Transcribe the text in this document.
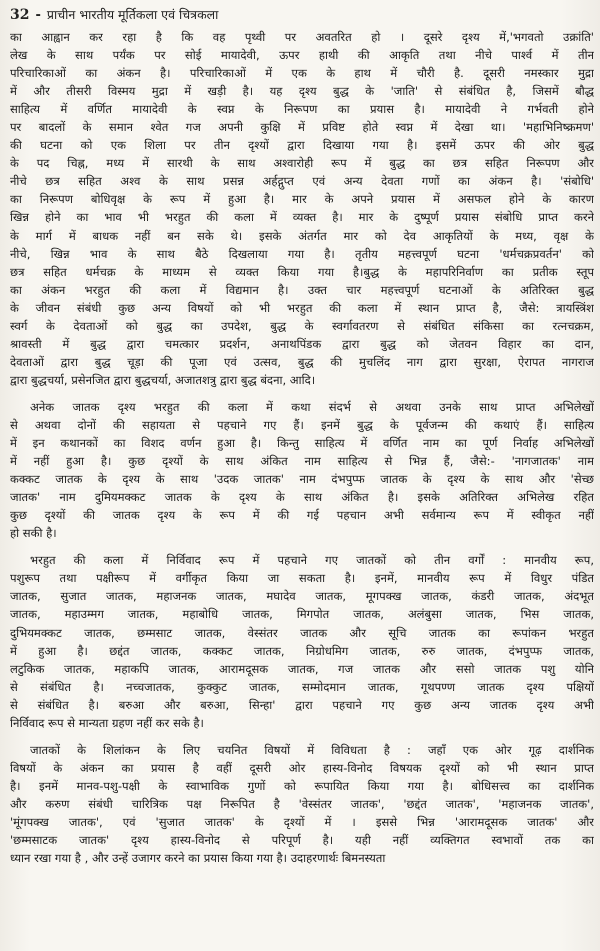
32 - प्राचीन भारतीय मूर्तिकला एवं चित्रकला
का आह्वान कर रहा है कि वह पृथ्वी पर अवतरित हो । दूसरे दृश्य में,'भगवतो उक्रांति'
लेख के साथ पर्यंक पर सोई मायादेवी, ऊपर हाथी की आकृति तथा नीचे पार्श्व में तीन
परिचारिकाओं का अंकन है। परिचारिकाओं में एक के हाथ में चौरी है. दूसरी नमस्कार मुद्रा
में और तीसरी विस्मय मुद्रा में खड़ी है। यह दृश्य बुद्ध के 'जाति' से संबंधित है, जिसमें बौद्ध
साहित्य में वर्णित मायादेवी के स्वप्न के निरूपण का प्रयास है। मायादेवी ने गर्भवती होने
पर बादलों के समान श्वेत गज अपनी कुक्षि में प्रविष्ट होते स्वप्न में देखा था। 'महाभिनिष्क्रमण'
की घटना को एक शिला पर तीन दृश्यों द्वारा दिखाया गया है। इसमें ऊपर की ओर बुद्ध
के पद चिह्न, मध्य में सारथी के साथ अश्वारोही रूप में बुद्ध का छत्र सहित निरूपण और
नीचे छत्र सहित अश्व के साथ प्रसन्न अर्हद्गुप्त एवं अन्य देवता गणों का अंकन है। 'संबोधि'
का निरूपण बोधिवृक्ष के रूप में हुआ है। मार के अपने प्रयास में असफल होने के कारण
खिन्न होने का भाव भी भरहुत की कला में व्यक्त है। मार के दुष्पूर्ण प्रयास संबोधि प्राप्त करने
के मार्ग में बाधक नहीं बन सके थे। इसके अंतर्गत मार को देव आकृतियों के मध्य, वृक्ष के
नीचे, खिन्न भाव के साथ बैठे दिखलाया गया है। तृतीय महत्त्वपूर्ण घटना 'धर्मचक्रप्रवर्तन' को
छत्र सहित धर्मचक्र के माध्यम से व्यक्त किया गया है।बुद्ध के महापरिनिर्वाण का प्रतीक स्तूप
का अंकन भरहुत की कला में विद्यमान है। उक्त चार महत्त्वपूर्ण घटनाओं के अतिरिक्त बुद्ध
के जीवन संबंधी कुछ अन्य विषयों को भी भरहुत की कला में स्थान प्राप्त है, जैसे: त्रायस्त्रिंश
स्वर्ग के देवताओं को बुद्ध का उपदेश, बुद्ध के स्वर्गावतरण से संबंधित संकिसा का रत्नचक्रम,
श्रावस्ती में बुद्ध द्वारा चमत्कार प्रदर्शन, अनाथपिंडक द्वारा बुद्ध को जेतवन विहार का दान,
देवताओं द्वारा बुद्ध चूड़ा की पूजा एवं उत्सव, बुद्ध की मुचलिंद नाग द्वारा सुरक्षा, ऐरापत नागराज
द्वारा बुद्धचर्या, प्रसेनजित द्वारा बुद्धचर्या, अजातशत्रु द्वारा बुद्ध बंदना, आदि।
अनेक जातक दृश्य भरहुत की कला में कथा संदर्भ से अथवा उनके साथ प्राप्त अभिलेखों
से अथवा दोनों की सहायता से पहचाने गए हैं। इनमें बुद्ध के पूर्वजन्म की कथाएं हैं। साहित्य
में इन कथानकों का विशद वर्णन हुआ है। किन्तु साहित्य में वर्णित नाम का पूर्ण निर्वाह अभिलेखों
में नहीं हुआ है। कुछ दृश्यों के साथ अंकित नाम साहित्य से भिन्न हैं, जैसे:- 'नागजातक' नाम
कक्कट जातक के दृश्य के साथ 'उदक जातक' नाम दंभपुप्फ जातक के दृश्य के साथ और 'सेच्छ
जातक' नाम दुमियमक्कट जातक के दृश्य के साथ अंकित है। इसके अतिरिक्त अभिलेख रहित
कुछ दृश्यों की जातक दृश्य के रूप में की गई पहचान अभी सर्वमान्य रूप में स्वीकृत नहीं
हो सकी है।
भरहुत की कला में निर्विवाद रूप में पहचाने गए जातकों को तीन वर्गों : मानवीय रूप,
पशुरूप तथा पक्षीरूप में वर्गीकृत किया जा सकता है। इनमें, मानवीय रूप में विधुर पंडित
जातक, सुजात जातक, महाजनक जातक, मघादेव जातक, मूगपक्ख जातक, कंडरी जातक, अंदभूत
जातक, महाउम्मग जातक, महाबोधि जातक, मिगपोत जातक, अलंबुसा जातक, भिस जातक,
दुभियमक्कट जातक, छम्मसाट जातक, वेस्संतर जातक और सूचि जातक का रूपांकन भरहुत
में हुआ है। छद्दंत जातक, कक्कट जातक, निग्रोधमिग जातक, रुरु जातक, दंभपुप्फ जातक,
लटुकिक जातक, महाकपि जातक, आरामदूसक जातक, गज जातक और ससो जातक पशु योनि
से संबंधित है। नच्चजातक, कुक्कुट जातक, सम्मोदमान जातक, गूथपण्ण जातक दृश्य पक्षियों
से संबंधित है। बरुआ और बरुआ, सिन्हा' द्वारा पहचाने गए कुछ अन्य जातक दृश्य अभी
निर्विवाद रूप से मान्यता ग्रहण नहीं कर सके है।
जातकों के शिलांकन के लिए चयनित विषयों में विविधता है : जहाँ एक ओर गूढ़ दार्शनिक
विषयों के अंकन का प्रयास है वहीं दूसरी ओर हास्य-विनोद विषयक दृश्यों को भी स्थान प्राप्त
है। इनमें मानव-पशु-पक्षी के स्वाभाविक गुणों को रूपायित किया गया है। बोधिसत्त्व का दार्शनिक
और करुण संबंधी चारित्रिक पक्ष निरूपित है 'वेस्संतर जातक', 'छद्दंत जातक', 'महाजनक जातक',
'मूंगपक्ख जातक', एवं 'सुजात जातक' के दृश्यों में । इससे भिन्न 'आरामदूसक जातक' और
'छम्मसाटक जातक' दृश्य हास्य-विनोद से परिपूर्ण है। यही नहीं व्यक्तिगत स्वभावों तक का
ध्यान रखा गया है , और उन्हें उजागर करने का प्रयास किया गया है। उदाहरणार्थः बिमनस्यता
